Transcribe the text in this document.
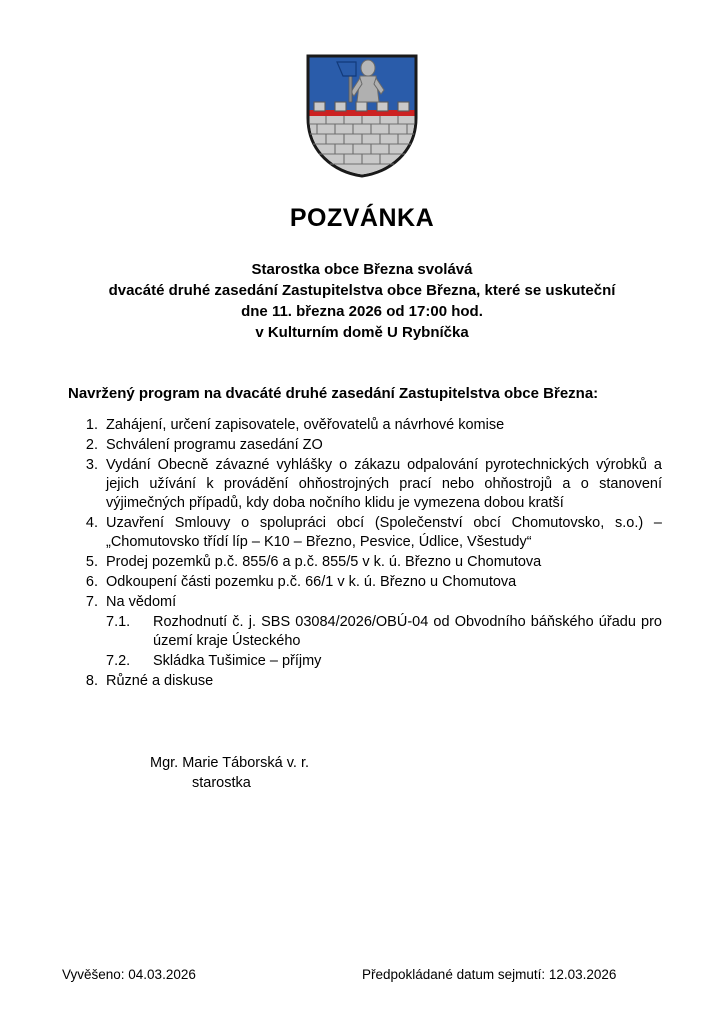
POZVÁNKA
Starostka obce Března svolává
dvacáté druhé zasedání Zastupitelstva obce Března, které se uskuteční
dne 11. března 2026 od 17:00 hod.
v Kulturním domě U Rybníčka
Navržený program na dvacáté druhé zasedání Zastupitelstva obce Března:
1. Zahájení, určení zapisovatele, ověřovatelů a návrhové komise
2. Schválení programu zasedání ZO
3. Vydání Obecně závazné vyhlášky o zákazu odpalování pyrotechnických výrobků a jejich užívání k provádění ohňostrojných prací nebo ohňostrojů a o stanovení výjimečných případů, kdy doba nočního klidu je vymezena dobou kratší
4. Uzavření Smlouvy o spolupráci obcí (Společenství obcí Chomutovsko, s.o.) – „Chomutovsko třídí líp – K10 – Březno, Pesvice, Údlice, Všestudy“
5. Prodej pozemků p.č. 855/6 a p.č. 855/5 v k. ú. Březno u Chomutova
6. Odkoupení části pozemku p.č. 66/1 v k. ú. Březno u Chomutova
7. Na vědomí
7.1.	Rozhodnutí č. j. SBS 03084/2026/OBÚ-04 od Obvodního báňského úřadu pro území kraje Ústeckého
7.2.	Skládka Tušimice – příjmy
8. Různé a diskuse
Mgr. Marie Táborská v. r.
starostka
Vyvěšeno: 04.03.2026	Předpokládané datum sejmutí: 12.03.2026
